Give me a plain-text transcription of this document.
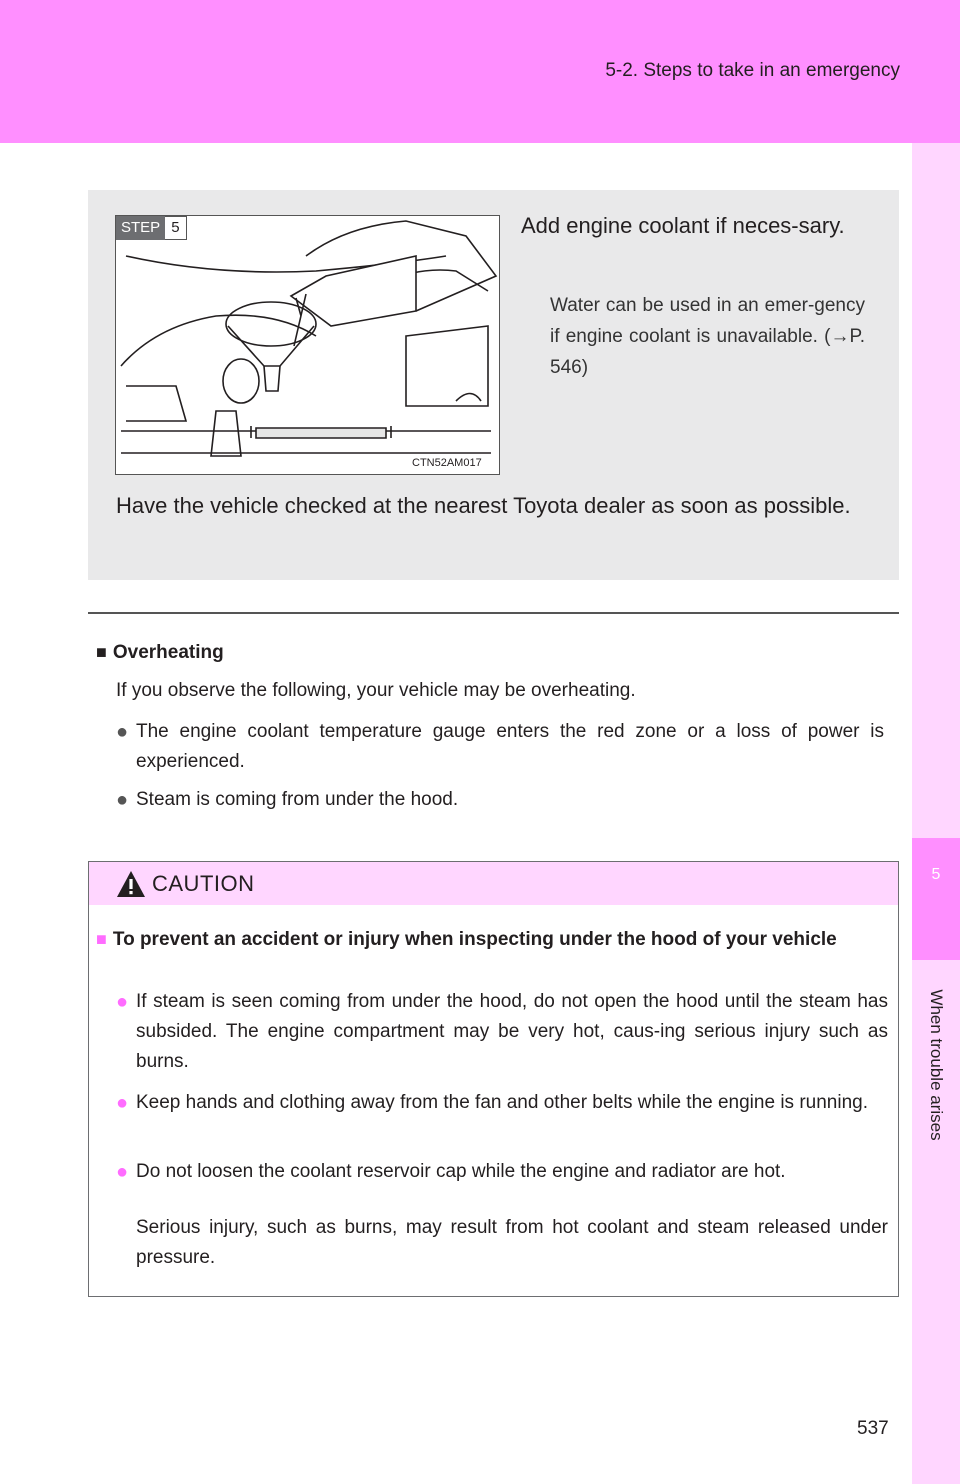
5-2. Steps to take in an emergency
5
When trouble arises
STEP 5
CTN52AM017
Add engine coolant if neces-sary.
Water can be used in an emer-gency if engine coolant is unavailable. (→P. 546)
Have the vehicle checked at the nearest Toyota dealer as soon as possible.
■ Overheating
If you observe the following, your vehicle may be overheating.
● The engine coolant temperature gauge enters the red zone or a loss of power is experienced.
● Steam is coming from under the hood.
CAUTION
■ To prevent an accident or injury when inspecting under the hood of your vehicle
● If steam is seen coming from under the hood, do not open the hood until the steam has subsided. The engine compartment may be very hot, caus-ing serious injury such as burns.
● Keep hands and clothing away from the fan and other belts while the engine is running.
● Do not loosen the coolant reservoir cap while the engine and radiator are hot.
Serious injury, such as burns, may result from hot coolant and steam released under pressure.
537
